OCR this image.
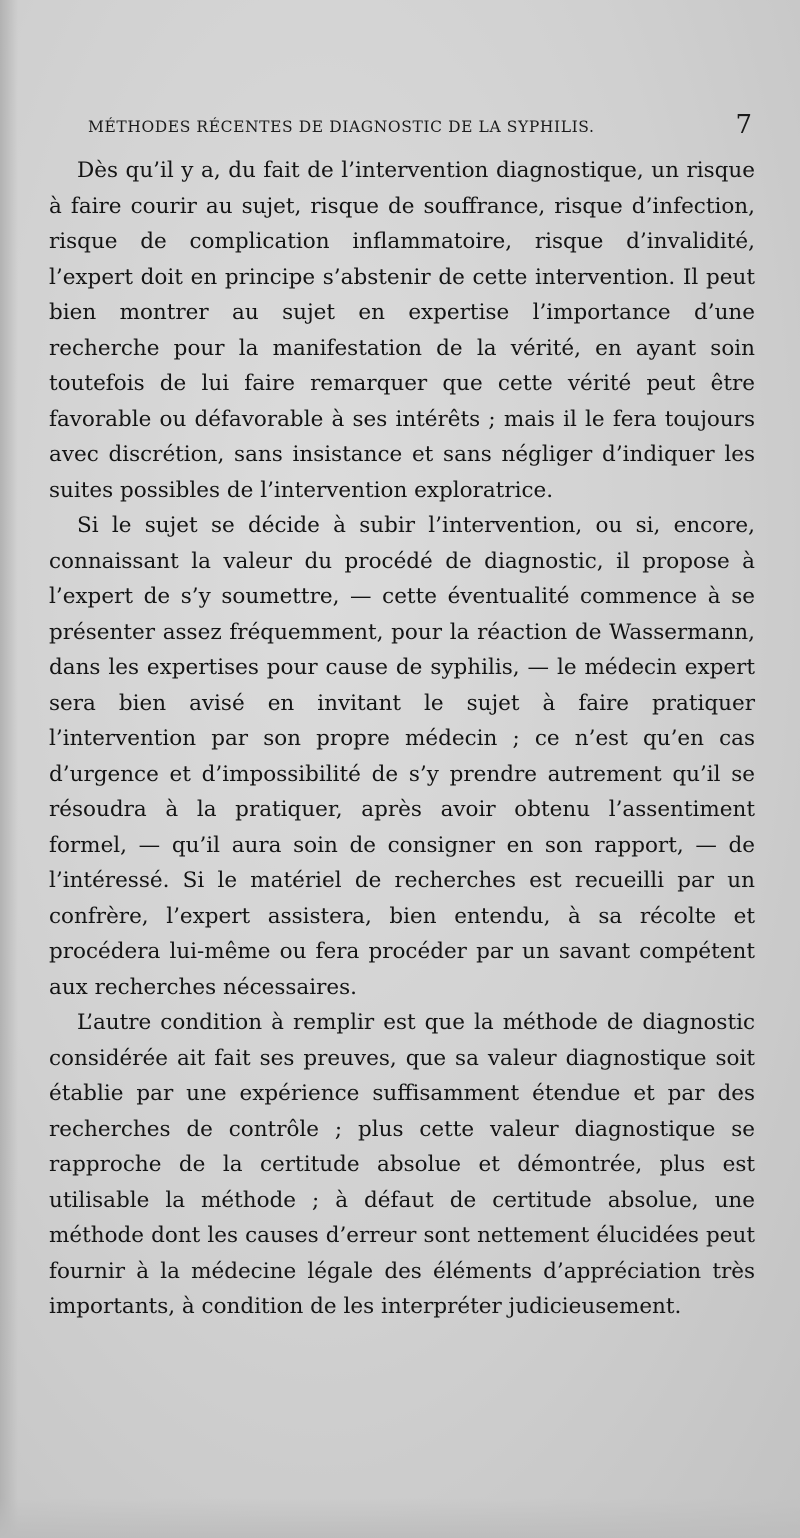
MÉTHODES RÉCENTES DE DIAGNOSTIC DE LA SYPHILIS.	7

Dès qu’il y a, du fait de l’intervention diagnostique, un risque à faire courir au sujet, risque de souffrance, risque d’infection, risque de complication inflammatoire, risque d’invalidité, l’expert doit en principe s’abstenir de cette intervention. Il peut bien montrer au sujet en expertise l’importance d’une recherche pour la manifestation de la vérité, en ayant soin toutefois de lui faire remarquer que cette vérité peut être favorable ou défavorable à ses intérêts ; mais il le fera toujours avec discrétion, sans insistance et sans négliger d’indiquer les suites possibles de l’intervention exploratrice.

Si le sujet se décide à subir l’intervention, ou si, encore, connaissant la valeur du procédé de diagnostic, il propose à l’expert de s’y soumettre, — cette éventualité commence à se présenter assez fréquemment, pour la réaction de Wassermann, dans les expertises pour cause de syphilis, — le médecin expert sera bien avisé en invitant le sujet à faire pratiquer l’intervention par son propre médecin ; ce n’est qu’en cas d’urgence et d’impossibilité de s’y prendre autrement qu’il se résoudra à la pratiquer, après avoir obtenu l’assentiment formel, — qu’il aura soin de consigner en son rapport, — de l’intéressé. Si le matériel de recherches est recueilli par un confrère, l’expert assistera, bien entendu, à sa récolte et procédera lui-même ou fera procéder par un savant compétent aux recherches nécessaires.

L’autre condition à remplir est que la méthode de diagnostic considérée ait fait ses preuves, que sa valeur diagnostique soit établie par une expérience suffisamment étendue et par des recherches de contrôle ; plus cette valeur diagnostique se rapproche de la certitude absolue et démontrée, plus est utilisable la méthode ; à défaut de certitude absolue, une méthode dont les causes d’erreur sont nettement élucidées peut fournir à la médecine légale des éléments d’appréciation très importants, à condition de les interpréter judicieusement.
